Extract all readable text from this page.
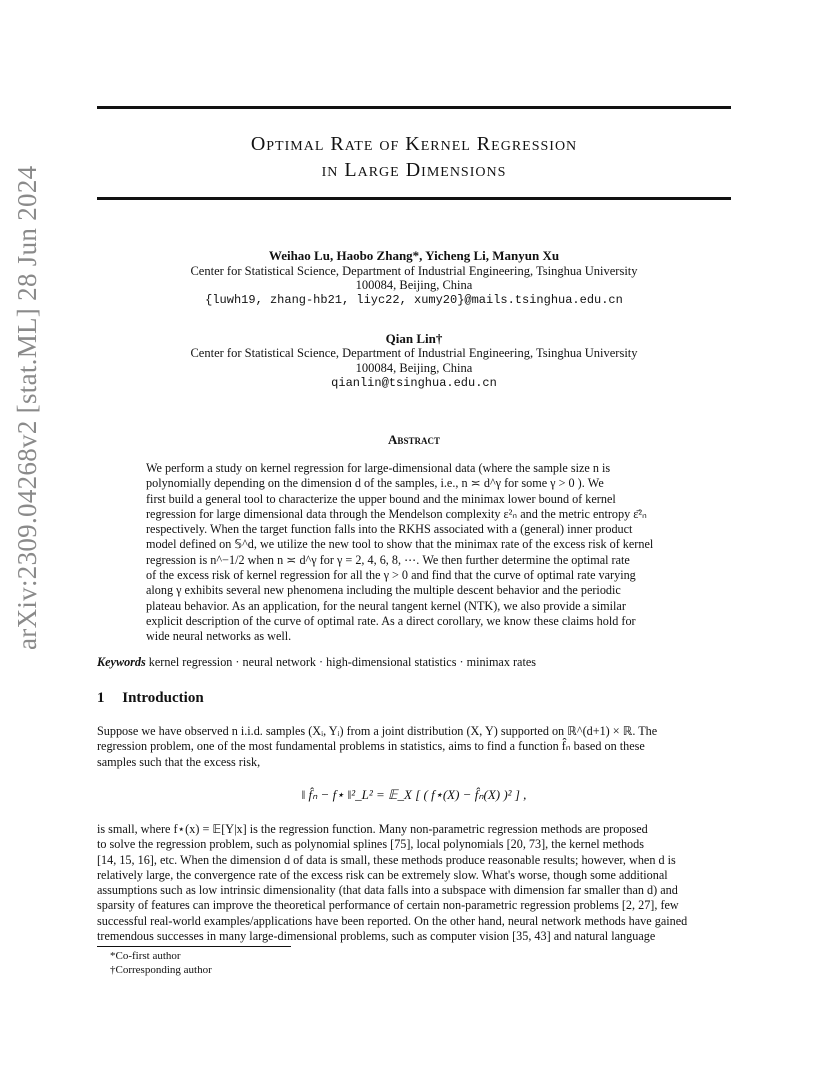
arXiv:2309.04268v2 [stat.ML] 28 Jun 2024
Optimal Rate of Kernel Regression
in Large Dimensions
Weihao Lu, Haobo Zhang*, Yicheng Li, Manyun Xu
Center for Statistical Science, Department of Industrial Engineering, Tsinghua University
100084, Beijing, China
{luwh19, zhang-hb21, liyc22, xumy20}@mails.tsinghua.edu.cn
Qian Lin†
Center for Statistical Science, Department of Industrial Engineering, Tsinghua University
100084, Beijing, China
qianlin@tsinghua.edu.cn
Abstract
We perform a study on kernel regression for large-dimensional data (where the sample size n is
polynomially depending on the dimension d of the samples, i.e., n ≍ d^γ for some γ > 0 ). We
first build a general tool to characterize the upper bound and the minimax lower bound of kernel
regression for large dimensional data through the Mendelson complexity ε²ₙ and the metric entropy ε̄²ₙ
respectively. When the target function falls into the RKHS associated with a (general) inner product
model defined on 𝕊^d, we utilize the new tool to show that the minimax rate of the excess risk of kernel
regression is n^−1/2 when n ≍ d^γ for γ = 2, 4, 6, 8, ⋯. We then further determine the optimal rate
of the excess risk of kernel regression for all the γ > 0 and find that the curve of optimal rate varying
along γ exhibits several new phenomena including the multiple descent behavior and the periodic
plateau behavior. As an application, for the neural tangent kernel (NTK), we also provide a similar
explicit description of the curve of optimal rate. As a direct corollary, we know these claims hold for
wide neural networks as well.
Keywords kernel regression · neural network · high-dimensional statistics · minimax rates
1 Introduction
Suppose we have observed n i.i.d. samples (Xᵢ, Yᵢ) from a joint distribution (X, Y) supported on ℝ^(d+1) × ℝ. The
regression problem, one of the most fundamental problems in statistics, aims to find a function f̂ₙ based on these
samples such that the excess risk,
‖ f̂ₙ − f⋆ ‖²_L² = 𝔼_X [ ( f⋆(X) − f̂ₙ(X) )² ] ,
is small, where f⋆(x) = 𝔼[Y|x] is the regression function. Many non-parametric regression methods are proposed
to solve the regression problem, such as polynomial splines [75], local polynomials [20, 73], the kernel methods
[14, 15, 16], etc. When the dimension d of data is small, these methods produce reasonable results; however, when d is
relatively large, the convergence rate of the excess risk can be extremely slow. What's worse, though some additional
assumptions such as low intrinsic dimensionality (that data falls into a subspace with dimension far smaller than d) and
sparsity of features can improve the theoretical performance of certain non-parametric regression problems [2, 27], few
successful real-world examples/applications have been reported. On the other hand, neural network methods have gained
tremendous successes in many large-dimensional problems, such as computer vision [35, 43] and natural language
*Co-first author
†Corresponding author
